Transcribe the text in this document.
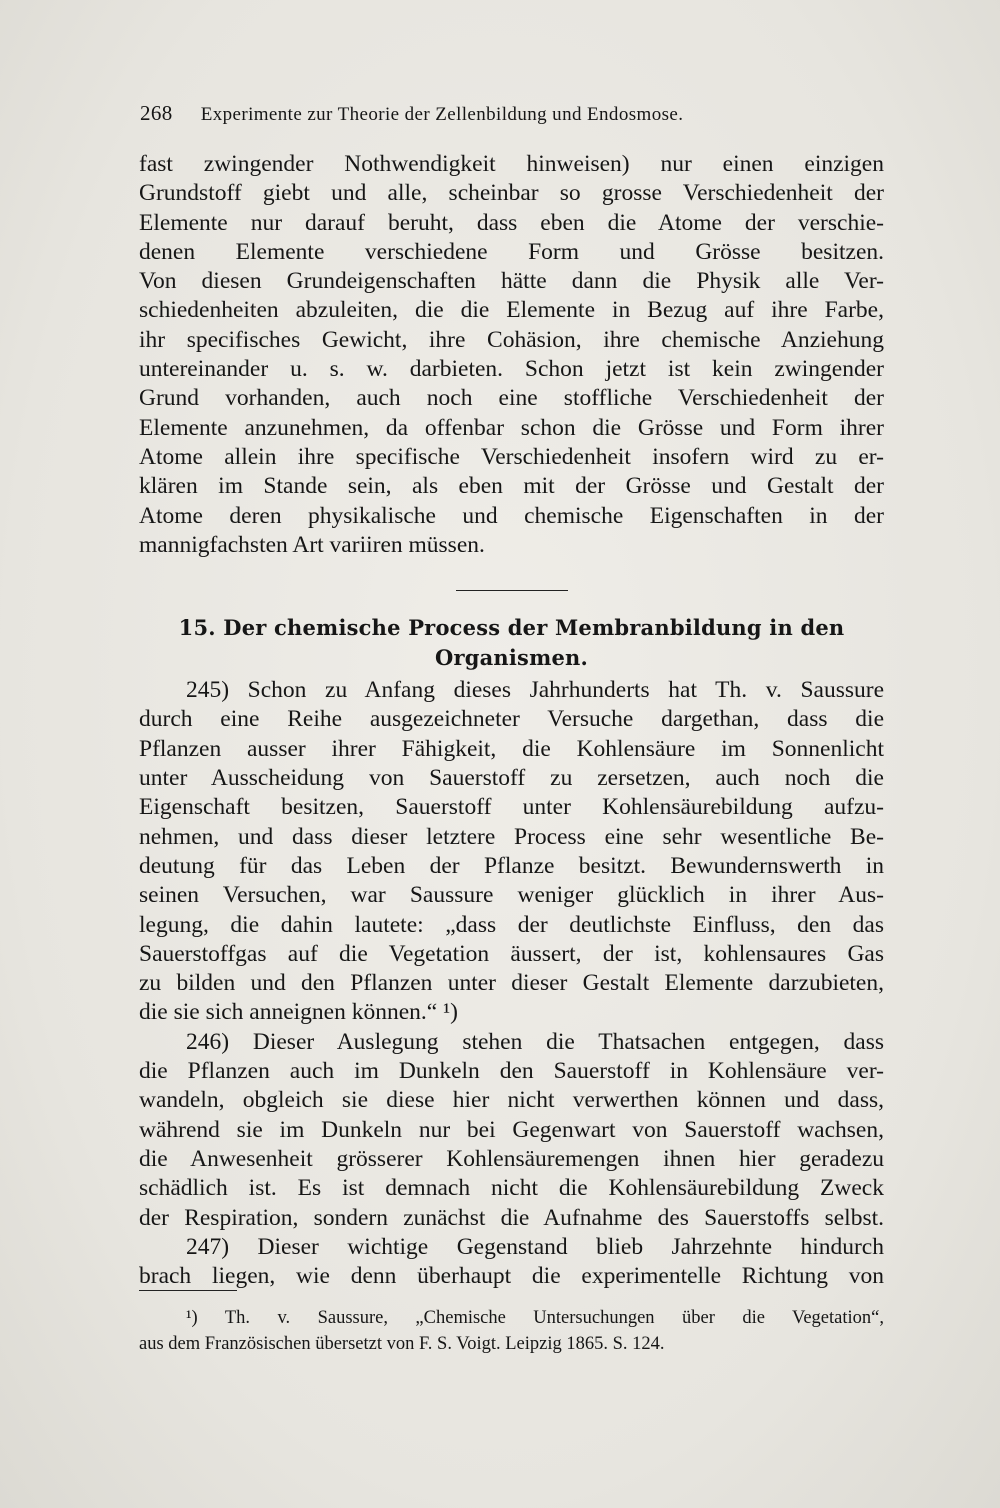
268 Experimente zur Theorie der Zellenbildung und Endosmose.
fast zwingender Nothwendigkeit hinweisen) nur einen einzigen
Grundstoff giebt und alle, scheinbar so grosse Verschiedenheit der
Elemente nur darauf beruht, dass eben die Atome der verschie-
denen Elemente verschiedene Form und Grösse besitzen.
Von diesen Grundeigenschaften hätte dann die Physik alle Ver-
schiedenheiten abzuleiten, die die Elemente in Bezug auf ihre Farbe,
ihr specifisches Gewicht, ihre Cohäsion, ihre chemische Anziehung
untereinander u. s. w. darbieten. Schon jetzt ist kein zwingender
Grund vorhanden, auch noch eine stoffliche Verschiedenheit der
Elemente anzunehmen, da offenbar schon die Grösse und Form ihrer
Atome allein ihre specifische Verschiedenheit insofern wird zu er-
klären im Stande sein, als eben mit der Grösse und Gestalt der
Atome deren physikalische und chemische Eigenschaften in der
mannigfachsten Art variiren müssen.
15. Der chemische Process der Membranbildung in den
Organismen.
245) Schon zu Anfang dieses Jahrhunderts hat Th. v. Saussure
durch eine Reihe ausgezeichneter Versuche dargethan, dass die
Pflanzen ausser ihrer Fähigkeit, die Kohlensäure im Sonnenlicht
unter Ausscheidung von Sauerstoff zu zersetzen, auch noch die
Eigenschaft besitzen, Sauerstoff unter Kohlensäurebildung aufzu-
nehmen, und dass dieser letztere Process eine sehr wesentliche Be-
deutung für das Leben der Pflanze besitzt. Bewundernswerth in
seinen Versuchen, war Saussure weniger glücklich in ihrer Aus-
legung, die dahin lautete: „dass der deutlichste Einfluss, den das
Sauerstoffgas auf die Vegetation äussert, der ist, kohlensaures Gas
zu bilden und den Pflanzen unter dieser Gestalt Elemente darzubieten,
die sie sich anneignen können.“ ¹)
246) Dieser Auslegung stehen die Thatsachen entgegen, dass
die Pflanzen auch im Dunkeln den Sauerstoff in Kohlensäure ver-
wandeln, obgleich sie diese hier nicht verwerthen können und dass,
während sie im Dunkeln nur bei Gegenwart von Sauerstoff wachsen,
die Anwesenheit grösserer Kohlensäuremengen ihnen hier geradezu
schädlich ist. Es ist demnach nicht die Kohlensäurebildung Zweck
der Respiration, sondern zunächst die Aufnahme des Sauerstoffs selbst.
247) Dieser wichtige Gegenstand blieb Jahrzehnte hindurch
brach liegen, wie denn überhaupt die experimentelle Richtung von
¹) Th. v. Saussure, „Chemische Untersuchungen über die Vegetation“,
aus dem Französischen übersetzt von F. S. Voigt. Leipzig 1865. S. 124.
